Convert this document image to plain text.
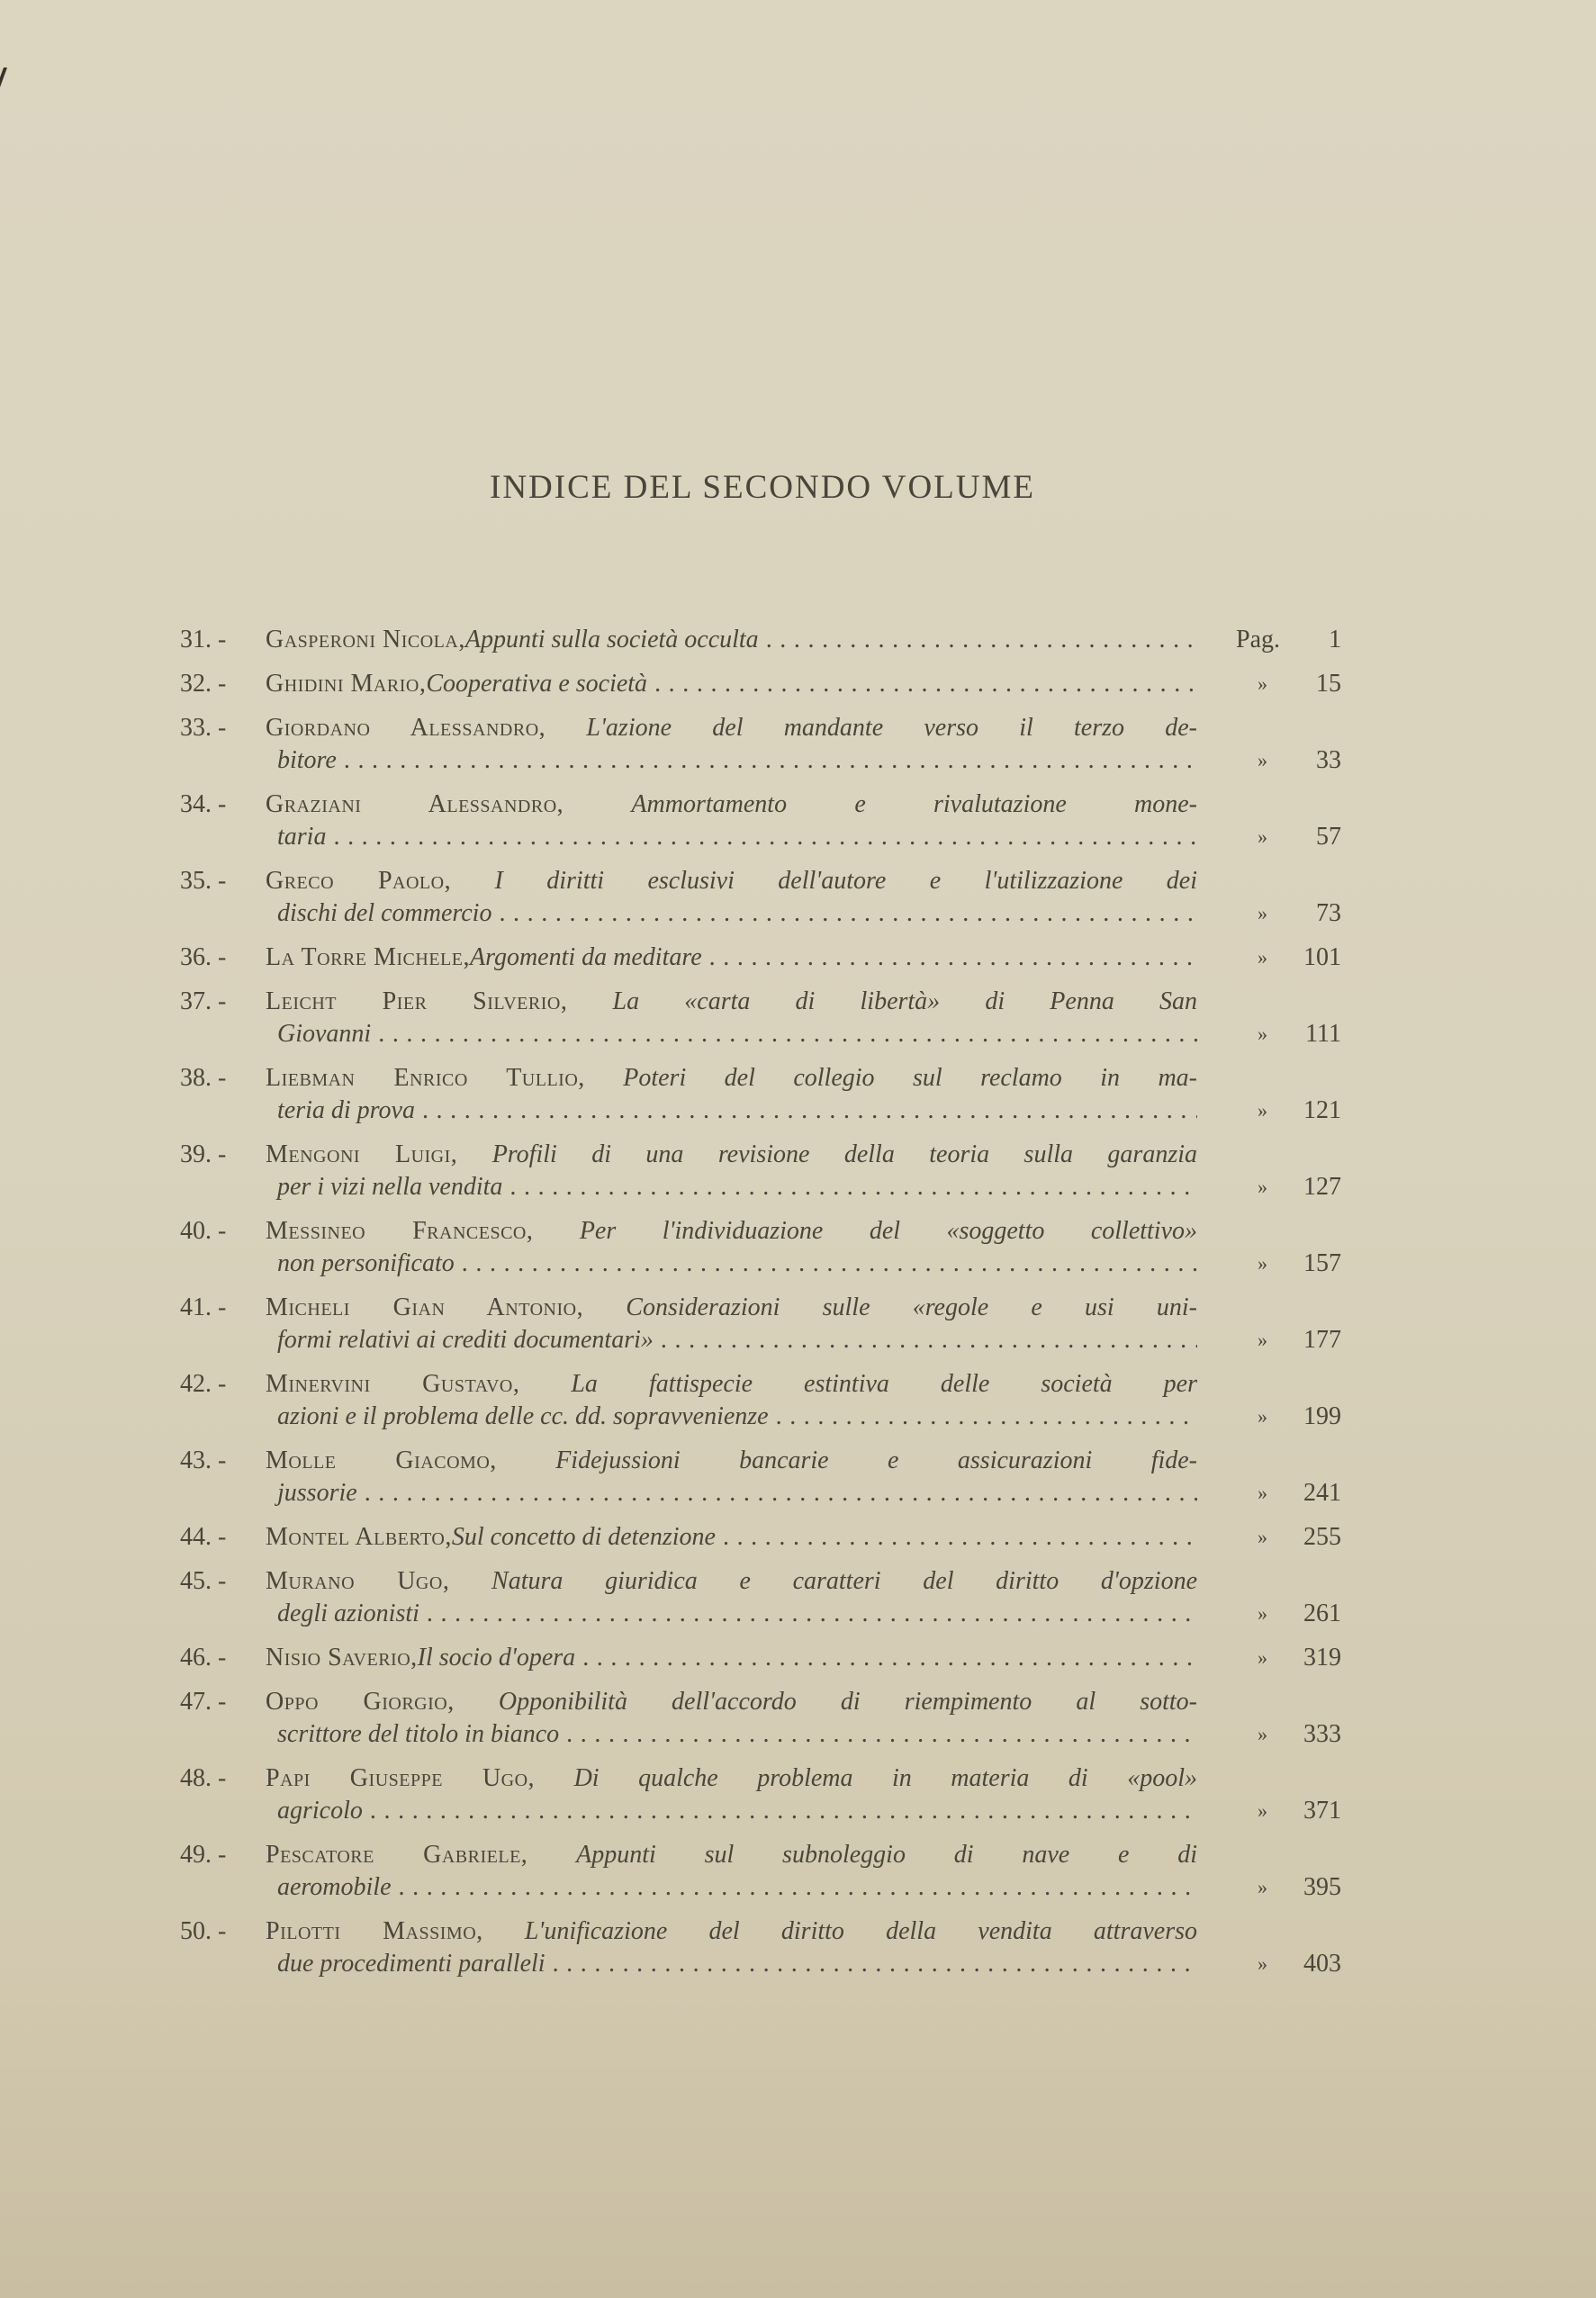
INDICE DEL SECONDO VOLUME
31. -	Gasperoni Nicola, Appunti sulla società occulta .....	Pag.	1
32. -	Ghidini Mario, Cooperativa e società .....	»	15
33. -	Giordano Alessandro, L'azione del mandante verso il terzo de-
bitore .....	»	33
34. -	Graziani Alessandro,	Ammortamento e rivalutazione mone-
taria .....	»	57
35. -	Greco Paolo, I diritti esclusivi dell'autore e l'utilizzazione dei
dischi del commercio .....	»	73
36. -	La Torre Michele, Argomenti da meditare .....	»	101
37. -	Leicht Pier Silverio, La «carta di libertà» di Penna San
Giovanni .....	»	111
38. -	Liebman Enrico Tullio, Poteri del collegio sul reclamo in ma-
teria di prova .....	»	121
39. -	Mengoni Luigi, Profili di una revisione della teoria sulla garanzia
per i vizi nella vendita .....	»	127
40. -	Messineo Francesco, Per l'individuazione del «soggetto collettivo»
non personificato .....	»	157
41. -	Micheli Gian Antonio, Considerazioni sulle «regole e usi uni-
formi relativi ai crediti documentari» .....	»	177
42. -	Minervini Gustavo, La fattispecie estintiva delle società per
azioni e il problema delle cc. dd. sopravvenienze .....	»	199
43. -	Molle Giacomo, Fidejussioni bancarie e assicurazioni fide-
jussorie .....	»	241
44. -	Montel Alberto, Sul concetto di detenzione .....	»	255
45. -	Murano Ugo, Natura giuridica e caratteri del diritto d'opzione
degli azionisti .....	»	261
46. -	Nisio Saverio, Il socio d'opera .....	»	319
47. -	Oppo Giorgio, Opponibilità dell'accordo di riempimento al sotto-
scrittore del titolo in bianco .....	»	333
48. -	Papi Giuseppe Ugo, Di qualche problema in materia di «pool»
agricolo .....	»	371
49. -	Pescatore Gabriele, Appunti sul subnoleggio di nave e di
aeromobile .....	»	395
50. -	Pilotti Massimo, L'unificazione del diritto della vendita attraverso
due procedimenti paralleli .....	»	403
